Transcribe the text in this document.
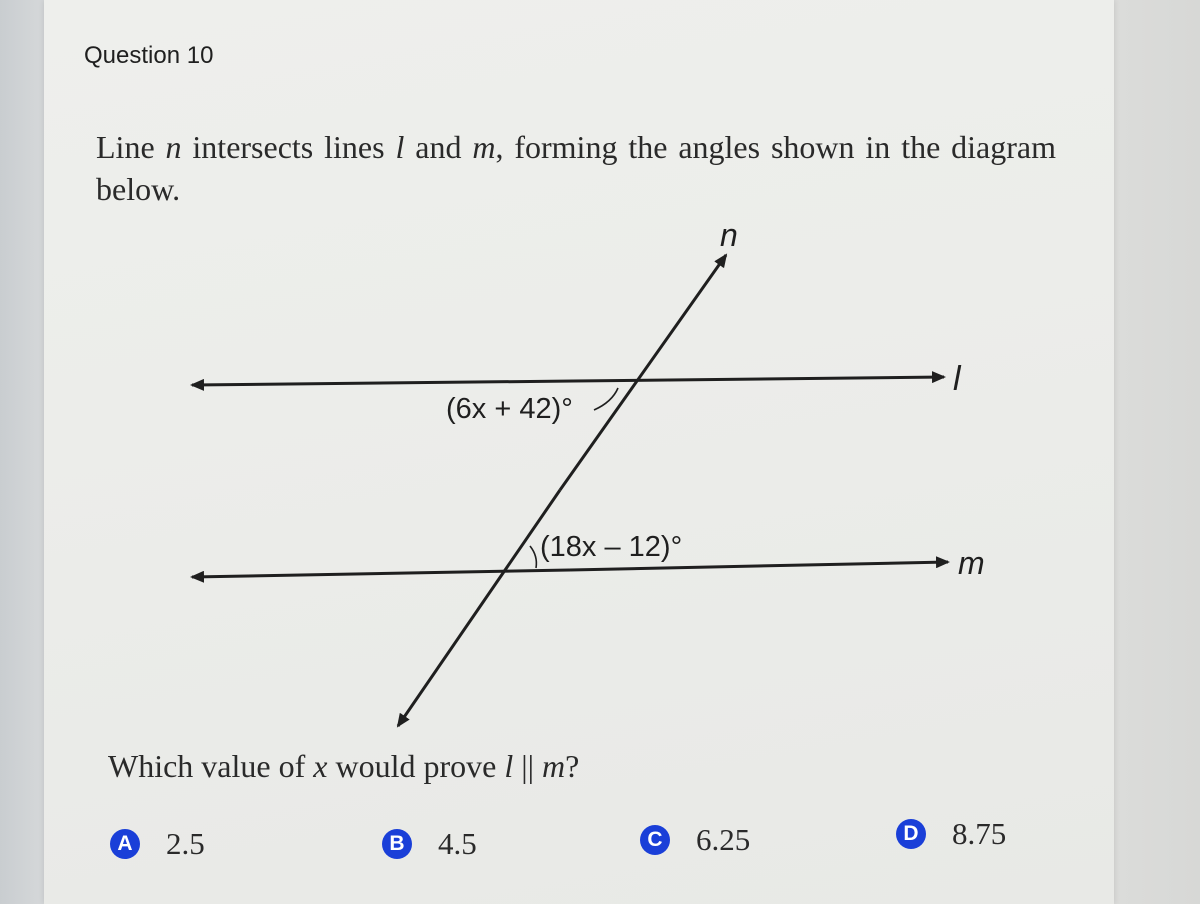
Question 10
Line n intersects lines l and m, forming the angles shown in the diagram below.
n
l
m
(6x + 42)°
(18x – 12)°
Which value of x would prove l || m?
A 2.5	B 4.5	C 6.25	D 8.75
